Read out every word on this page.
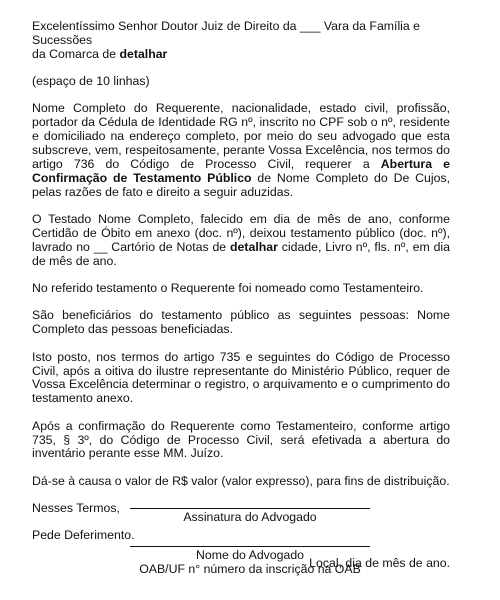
Excelentíssimo Senhor Doutor Juiz de Direito da ___ Vara da Família e Sucessões
da Comarca de detalhar

(espaço de 10 linhas)

Nome Completo do Requerente, nacionalidade, estado civil, profissão, portador da Cédula de Identidade RG nº, inscrito no CPF sob o nº, residente e domiciliado na endereço completo, por meio do seu advogado que esta subscreve, vem, respeitosamente, perante Vossa Excelência, nos termos do artigo 736 do Código de Processo Civil, requerer a Abertura e Confirmação de Testamento Público de Nome Completo do De Cujos, pelas razões de fato e direito a seguir aduzidas.

O Testado Nome Completo, falecido em dia de mês de ano, conforme Certidão de Óbito em anexo (doc. nº), deixou testamento público (doc. nº), lavrado no __ Cartório de Notas de detalhar cidade, Livro nº, fls. nº, em dia de mês de ano.

No referido testamento o Requerente foi nomeado como Testamenteiro.

São beneficiários do testamento público as seguintes pessoas: Nome Completo das pessoas beneficiadas.

Isto posto, nos termos do artigo 735 e seguintes do Código de Processo Civil, após a oitiva do ilustre representante do Ministério Público, requer de Vossa Excelência determinar o registro, o arquivamento e o cumprimento do testamento anexo.

Após a confirmação do Requerente como Testamenteiro, conforme artigo 735, § 3º, do Código de Processo Civil, será efetivada a abertura do inventário perante esse MM. Juízo.

Dá-se à causa o valor de R$ valor (valor expresso), para fins de distribuição.

Nesses Termos,

Pede Deferimento.

Local, dia de mês de ano.

Assinatura do Advogado
Nome do Advogado
OAB/UF n° número da inscrição na OAB
